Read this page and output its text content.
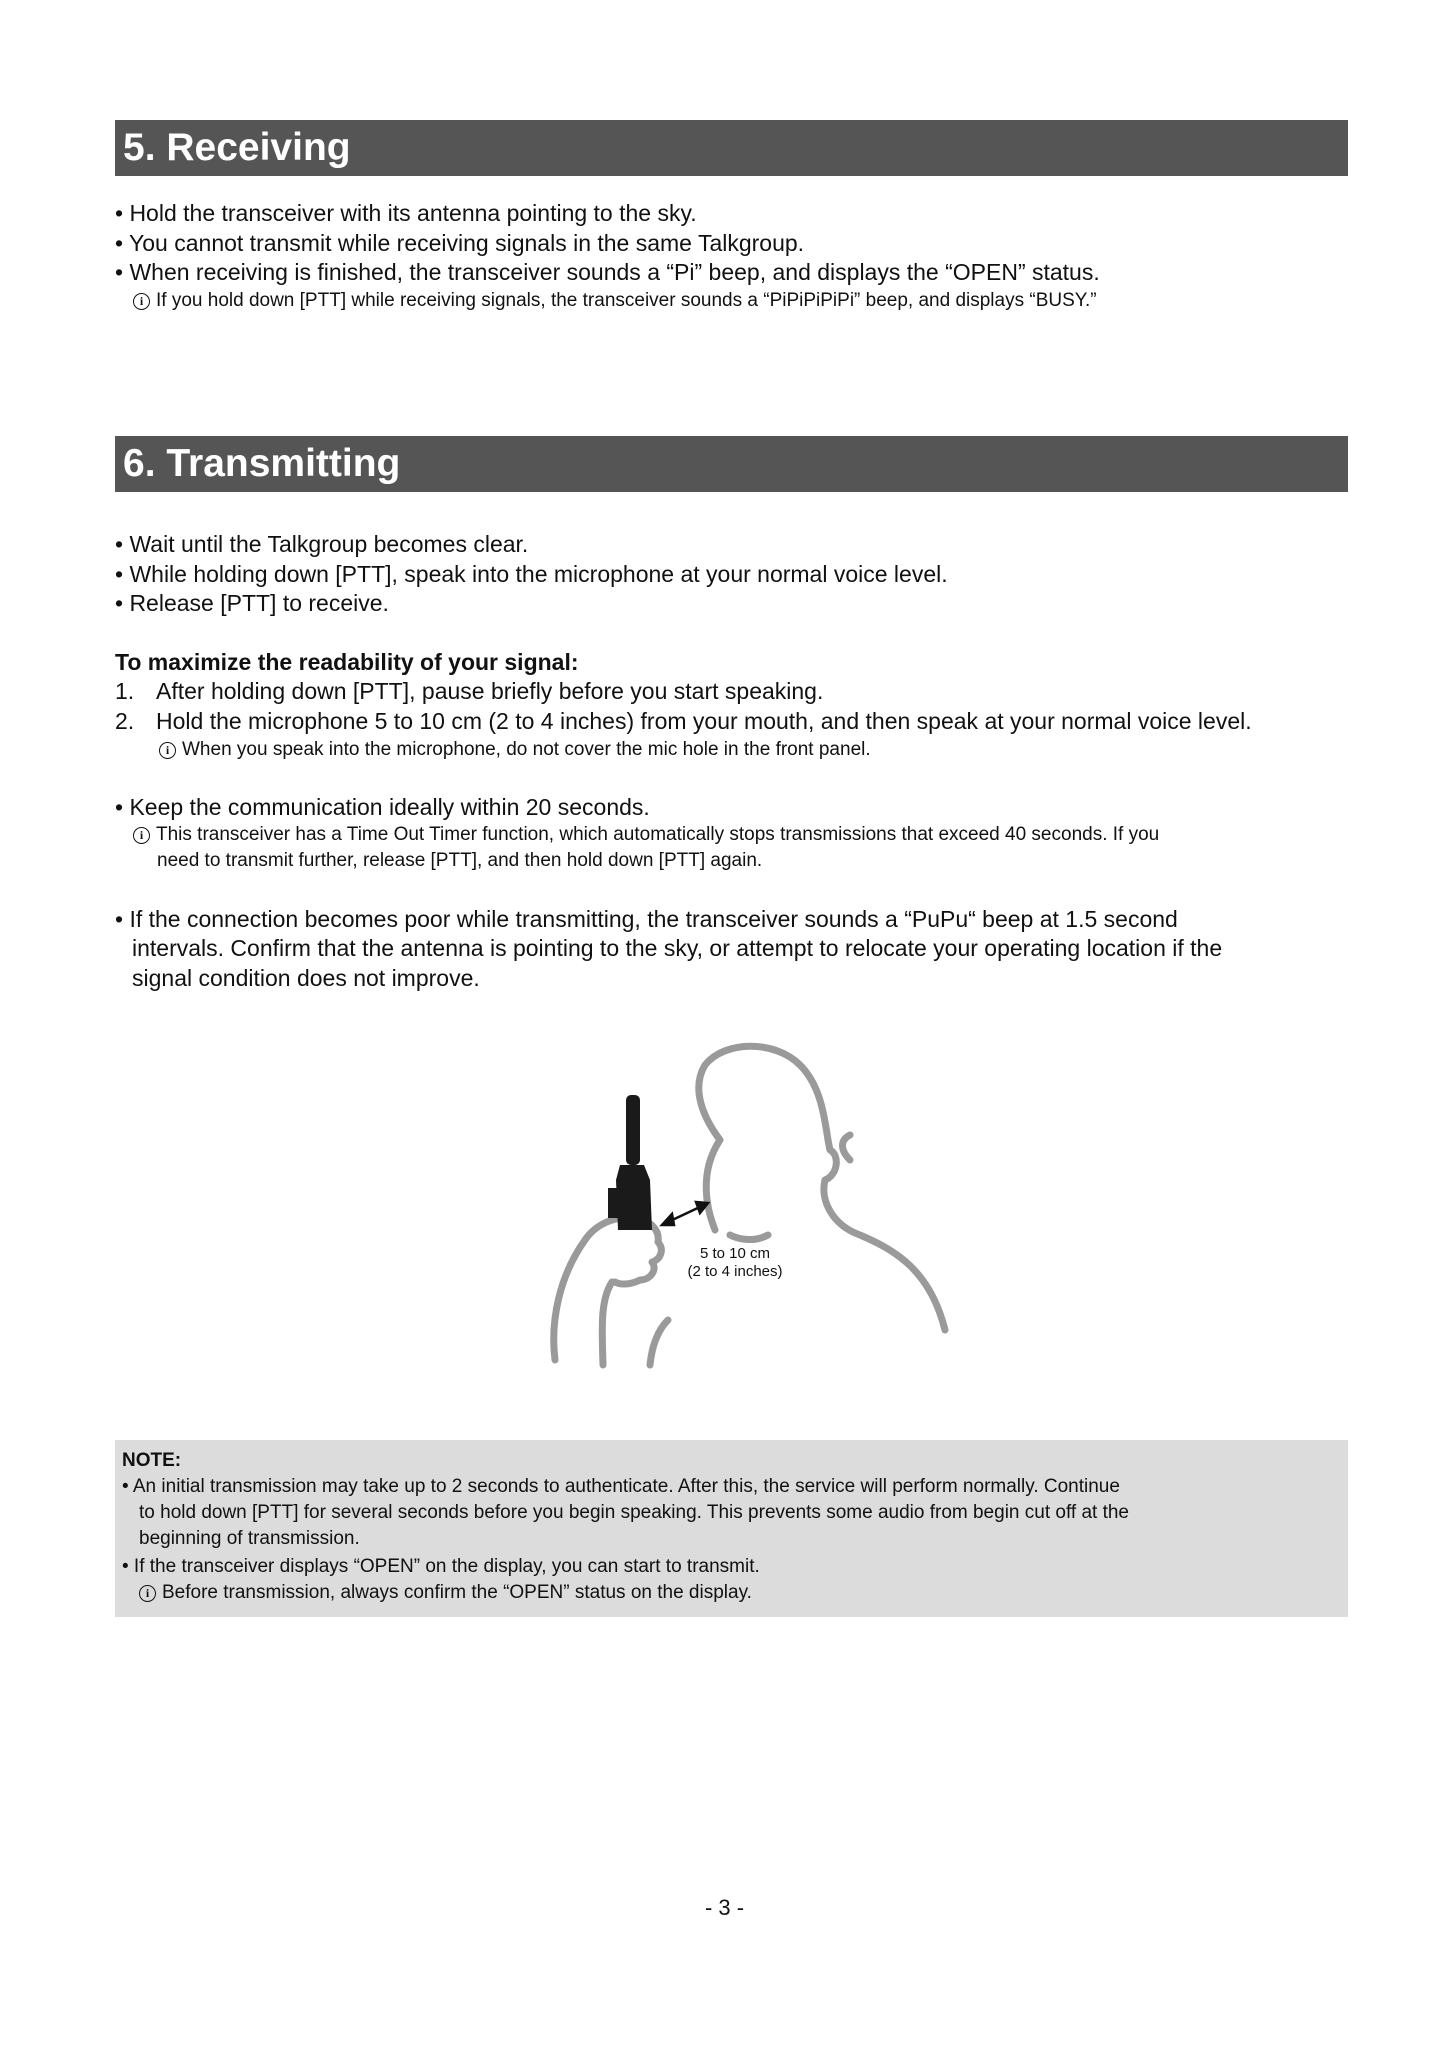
5. Receiving
• Hold the transceiver with its antenna pointing to the sky.
• You cannot transmit while receiving signals in the same Talkgroup.
• When receiving is finished, the transceiver sounds a “Pi” beep, and displays the “OPEN” status.
i If you hold down [PTT] while receiving signals, the transceiver sounds a “PiPiPiPiPi” beep, and displays “BUSY.”
6. Transmitting
• Wait until the Talkgroup becomes clear.
• While holding down [PTT], speak into the microphone at your normal voice level.
• Release [PTT] to receive.
To maximize the readability of your signal:
1. After holding down [PTT], pause briefly before you start speaking.
2. Hold the microphone 5 to 10 cm (2 to 4 inches) from your mouth, and then speak at your normal voice level.
i When you speak into the microphone, do not cover the mic hole in the front panel.
• Keep the communication ideally within 20 seconds.
i This transceiver has a Time Out Timer function, which automatically stops transmissions that exceed 40 seconds. If you
need to transmit further, release [PTT], and then hold down [PTT] again.
• If the connection becomes poor while transmitting, the transceiver sounds a “PuPu“ beep at 1.5 second
intervals. Confirm that the antenna is pointing to the sky, or attempt to relocate your operating location if the
signal condition does not improve.
5 to 10 cm
(2 to 4 inches)
NOTE:
• An initial transmission may take up to 2 seconds to authenticate. After this, the service will perform normally. Continue
to hold down [PTT] for several seconds before you begin speaking. This prevents some audio from begin cut off at the
beginning of transmission.
• If the transceiver displays “OPEN” on the display, you can start to transmit.
i Before transmission, always confirm the “OPEN” status on the display.
- 3 -
